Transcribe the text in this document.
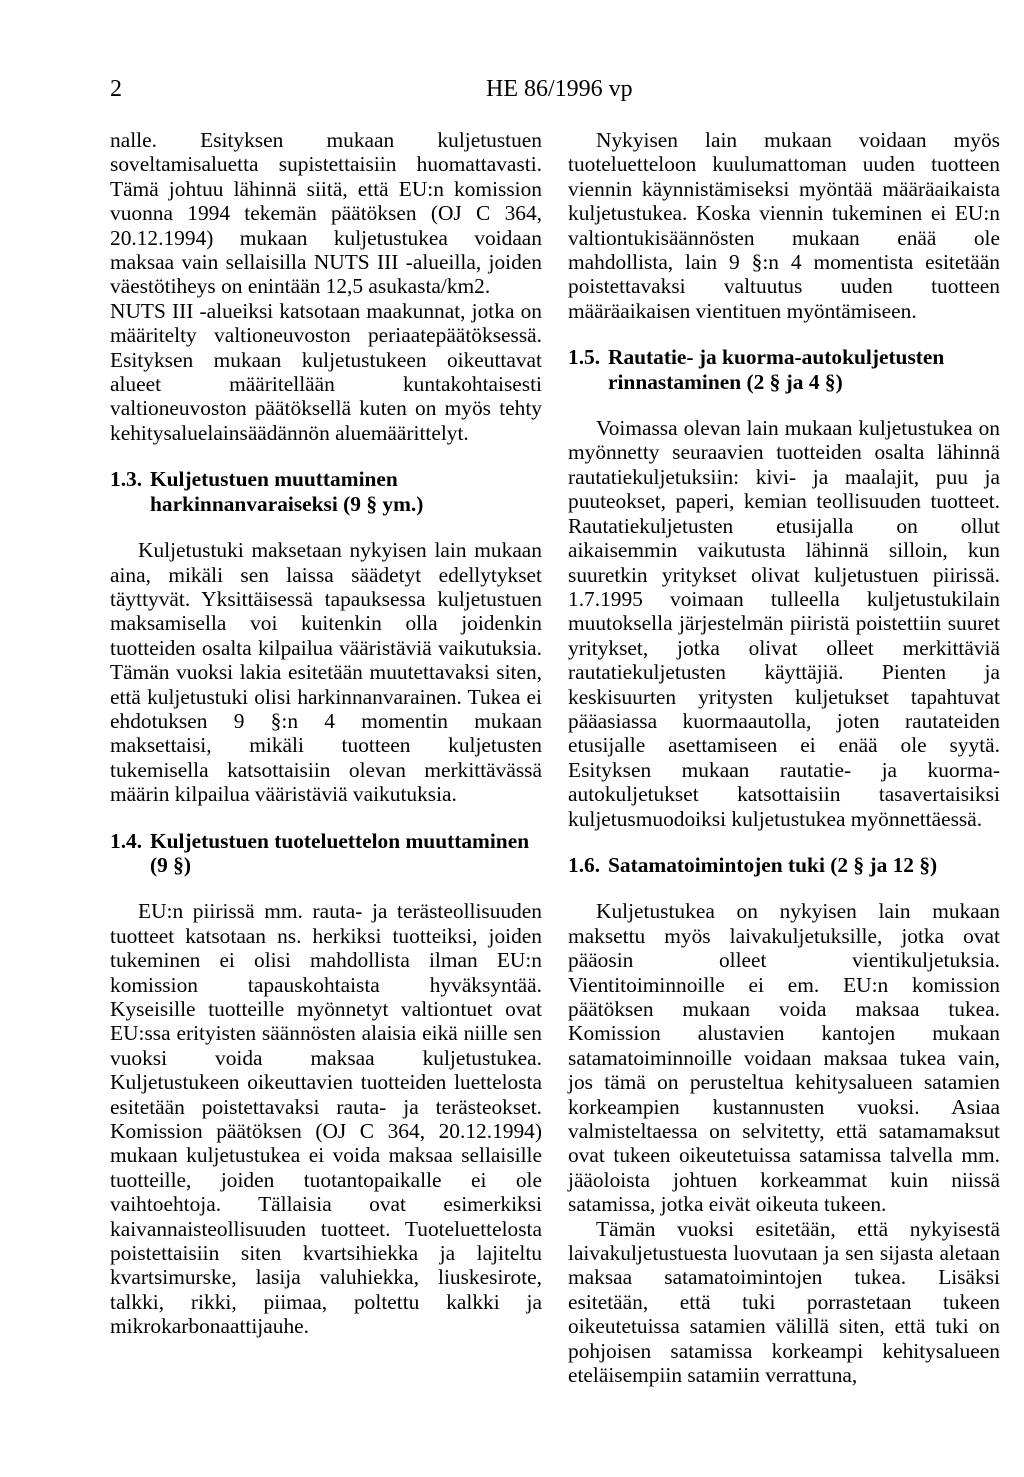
2	HE 86/1996 vp

nalle. Esityksen mukaan kuljetustuen soveltamisaluetta supistettaisiin huomattavasti. Tämä johtuu lähinnä siitä, että EU:n komission vuonna 1994 tekemän päätöksen (OJ C 364, 20.12.1994) mukaan kuljetustukea voidaan maksaa vain sellaisilla NUTS III -alueilla, joiden väestötiheys on enintään 12,5 asukasta/km2.

NUTS III -alueiksi katsotaan maakunnat, jotka on määritelty valtioneuvoston periaatepäätöksessä. Esityksen mukaan kuljetustukeen oikeuttavat alueet määritellään kuntakohtaisesti valtioneuvoston päätöksellä kuten on myös tehty kehitysaluelainsäädännön aluemäärittelyt.

1.3. Kuljetustuen muuttaminen harkinnanvaraiseksi (9 § ym.)

Kuljetustuki maksetaan nykyisen lain mukaan aina, mikäli sen laissa säädetyt edellytykset täyttyvät. Yksittäisessä tapauksessa kuljetustuen maksamisella voi kuitenkin olla joidenkin tuotteiden osalta kilpailua vääristäviä vaikutuksia. Tämän vuoksi lakia esitetään muutettavaksi siten, että kuljetustuki olisi harkinnanvarainen. Tukea ei ehdotuksen 9 §:n 4 momentin mukaan maksettaisi, mikäli tuotteen kuljetusten tukemisella katsottaisiin olevan merkittävässä määrin kilpailua vääristäviä vaikutuksia.

1.4. Kuljetustuen tuoteluettelon muuttaminen (9 §)

EU:n piirissä mm. rauta- ja terästeollisuuden tuotteet katsotaan ns. herkiksi tuotteiksi, joiden tukeminen ei olisi mahdollista ilman EU:n komission tapauskohtaista hyväksyntää. Kyseisille tuotteille myönnetyt valtiontuet ovat EU:ssa erityisten säännösten alaisia eikä niille sen vuoksi voida maksaa kuljetustukea. Kuljetustukeen oikeuttavien tuotteiden luettelosta esitetään poistettavaksi rauta- ja terästeokset. Komission päätöksen (OJ C 364, 20.12.1994) mukaan kuljetustukea ei voida maksaa sellaisille tuotteille, joiden tuotantopaikalle ei ole vaihtoehtoja. Tällaisia ovat esimerkiksi kaivannaisteollisuuden tuotteet. Tuoteluettelosta poistettaisiin siten kvartsihiekka ja lajiteltu kvartsimurske, lasija valuhiekka, liuskesirote, talkki, rikki, piimaa, poltettu kalkki ja mikrokarbonaattijauhe.

Nykyisen lain mukaan voidaan myös tuoteluetteloon kuulumattoman uuden tuotteen viennin käynnistämiseksi myöntää määräaikaista kuljetustukea. Koska viennin tukeminen ei EU:n valtiontukisäännösten mukaan enää ole mahdollista, lain 9 §:n 4 momentista esitetään poistettavaksi valtuutus uuden tuotteen määräaikaisen vientituen myöntämiseen.

1.5. Rautatie- ja kuorma-autokuljetusten rinnastaminen (2 § ja 4 §)

Voimassa olevan lain mukaan kuljetustukea on myönnetty seuraavien tuotteiden osalta lähinnä rautatiekuljetuksiin: kivi- ja maalajit, puu ja puuteokset, paperi, kemian teollisuuden tuotteet. Rautatiekuljetusten etusijalla on ollut aikaisemmin vaikutusta lähinnä silloin, kun suuretkin yritykset olivat kuljetustuen piirissä. 1.7.1995 voimaan tulleella kuljetustukilain muutoksella järjestelmän piiristä poistettiin suuret yritykset, jotka olivat olleet merkittäviä rautatiekuljetusten käyttäjiä. Pienten ja keskisuurten yritysten kuljetukset tapahtuvat pääasiassa kuormaautolla, joten rautateiden etusijalle asettamiseen ei enää ole syytä. Esityksen mukaan rautatie- ja kuorma-autokuljetukset katsottaisiin tasavertaisiksi kuljetusmuodoiksi kuljetustukea myönnettäessä.

1.6. Satamatoimintojen tuki (2 § ja 12 §)

Kuljetustukea on nykyisen lain mukaan maksettu myös laivakuljetuksille, jotka ovat pääosin olleet vientikuljetuksia. Vientitoiminnoille ei em. EU:n komission päätöksen mukaan voida maksaa tukea. Komission alustavien kantojen mukaan satamatoiminnoille voidaan maksaa tukea vain, jos tämä on perusteltua kehitysalueen satamien korkeampien kustannusten vuoksi. Asiaa valmisteltaessa on selvitetty, että satamamaksut ovat tukeen oikeutetuissa satamissa talvella mm. jääoloista johtuen korkeammat kuin niissä satamissa, jotka eivät oikeuta tukeen.

Tämän vuoksi esitetään, että nykyisestä laivakuljetustuesta luovutaan ja sen sijasta aletaan maksaa satamatoimintojen tukea. Lisäksi esitetään, että tuki porrastetaan tukeen oikeutetuissa satamien välillä siten, että tuki on pohjoisen satamissa korkeampi kehitysalueen eteläisempiin satamiin verrattuna,
